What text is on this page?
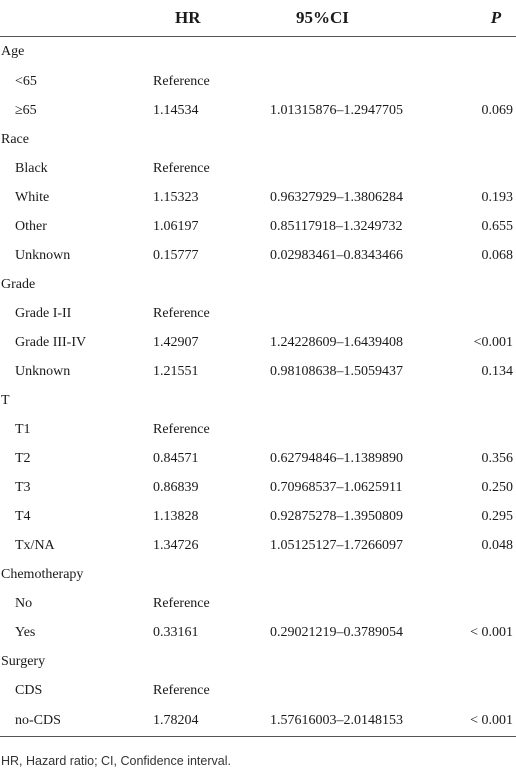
	HR	95%CI	P
Age			
<65	Reference		
≥65	1.14534	1.01315876–1.2947705	0.069
Race			
Black	Reference		
White	1.15323	0.96327929–1.3806284	0.193
Other	1.06197	0.85117918–1.3249732	0.655
Unknown	0.15777	0.02983461–0.8343466	0.068
Grade			
Grade I-II	Reference		
Grade III-IV	1.42907	1.24228609–1.6439408	<0.001
Unknown	1.21551	0.98108638–1.5059437	0.134
T			
T1	Reference		
T2	0.84571	0.62794846–1.1389890	0.356
T3	0.86839	0.70968537–1.0625911	0.250
T4	1.13828	0.92875278–1.3950809	0.295
Tx/NA	1.34726	1.05125127–1.7266097	0.048
Chemotherapy			
No	Reference		
Yes	0.33161	0.29021219–0.3789054	< 0.001
Surgery			
CDS	Reference		
no-CDS	1.78204	1.57616003–2.0148153	< 0.001
HR, Hazard ratio; CI, Confidence interval.
